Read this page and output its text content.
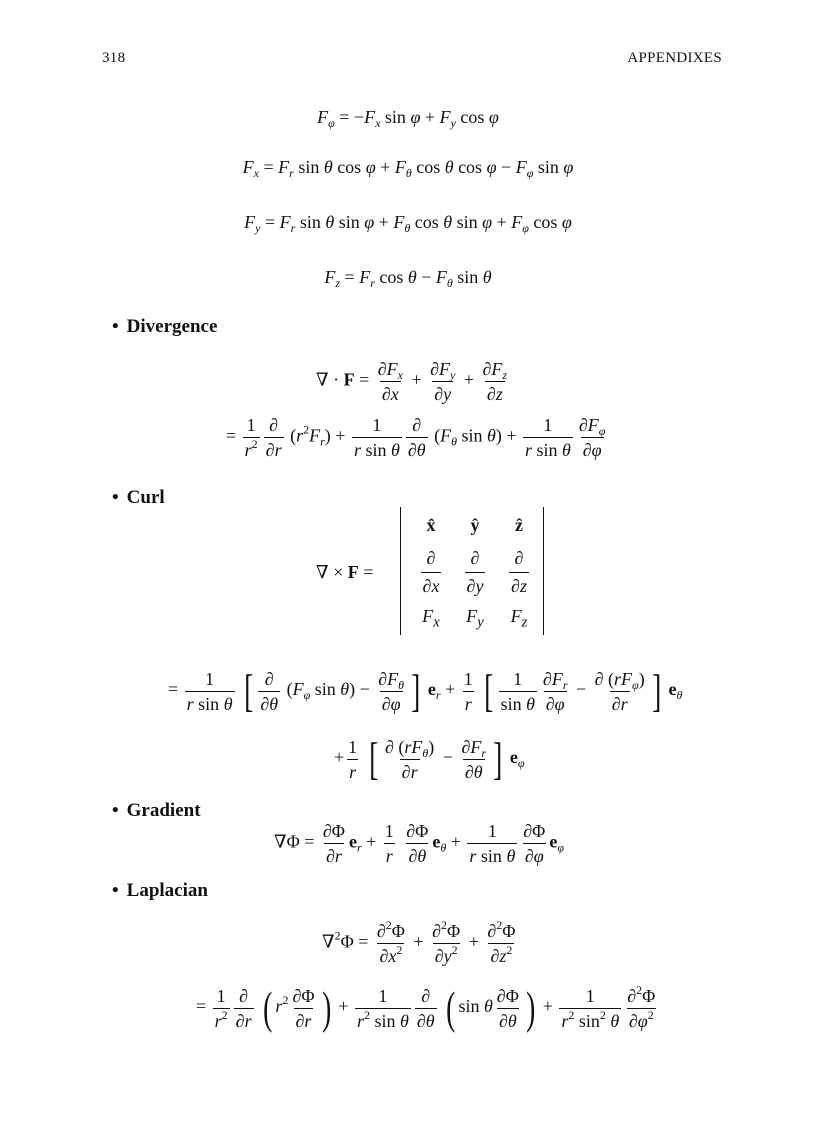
318	APPENDIXES
$F_\varphi = -F_x$ $\sin \varphi + F_y$ cos φ
$F_x = F_r$ sin θ $\cos \varphi + F_\theta$ cos θ $\cos \varphi - F_\varphi$ sin φ
$F_y = F_r$ sin θ $\sin \varphi + F_\theta$ cos θ $\sin \varphi + F_\varphi$ cos φ
$F_z = F_r$ $\cos \theta - F_\theta$ sin θ
• Divergence
∇ · $F = \frac{\partial F_x}{\partial x} + \frac{\partial F_y}{\partial y} + \frac{\partial F_z}{\partial z}$
= $\frac{1}{r^2} \frac{\partial}{\partial r} (r^2F_r) + \frac{1}{\text{r sin θ}} \frac{\partial}{\partial\theta} (F_\theta$ $\sin \theta) + \frac{1}{\text{r sin θ}} \frac{\partial F_\varphi}{\partial\varphi}$
• Curl
∇ × F =
x̂	ŷ	ẑ

$\frac{\partial}{\partial x}$	$\frac{\partial}{\partial y}$	$\frac{\partial}{\partial z}$

$F_x$	$F_y$	$F_z$
= $\frac{1}{\text{r sin θ}}$ [ $\frac{\partial}{\partial\theta} (F_\varphi$ $\sin \theta) - \frac{\partial F_\theta}{\partial\varphi}$ ] $e_r + \frac{1}{r}$ [ $\frac{1}{\text{sin θ}} \frac{\partial F_r}{\partial\varphi} - \frac{\partial (rF_\varphi)}{\partial r}$ ] $e_\theta$
+ $\frac{1}{r}$ [ $\frac{\partial (rF_\theta)}{\partial r} - \frac{\partial F_r}{\partial\theta}$ ] $e_\varphi$
• Gradient
$\nabla\Phi = \frac{\partial\Phi}{\partial r} e_r + \frac{1}{r}$
$\frac{\partial\Phi}{\partial\theta} e_\theta + \frac{1}{\text{r sin θ}} \frac{\partial\Phi}{\partial\varphi} e_\varphi$
• Laplacian
$\nabla^2\Phi = \frac{\partial^2\Phi}{\partial x^2} + \frac{\partial^2\Phi}{\partial y^2} + \frac{\partial^2\Phi}{\partial z^2}$
= $\frac{1}{r^2} \frac{\partial}{\partial r}$ ( $r^2 \frac{\partial\Phi}{\partial r}$ ) + $\frac{1}{r^2 \sin \theta} \frac{\partial}{\partial\theta}$ ( sin θ $\frac{\partial\Phi}{\partial\theta}$ ) + $\frac{1}{r^2 \sin^2 \theta} \frac{\partial^2\Phi}{\partial\varphi^2}$
